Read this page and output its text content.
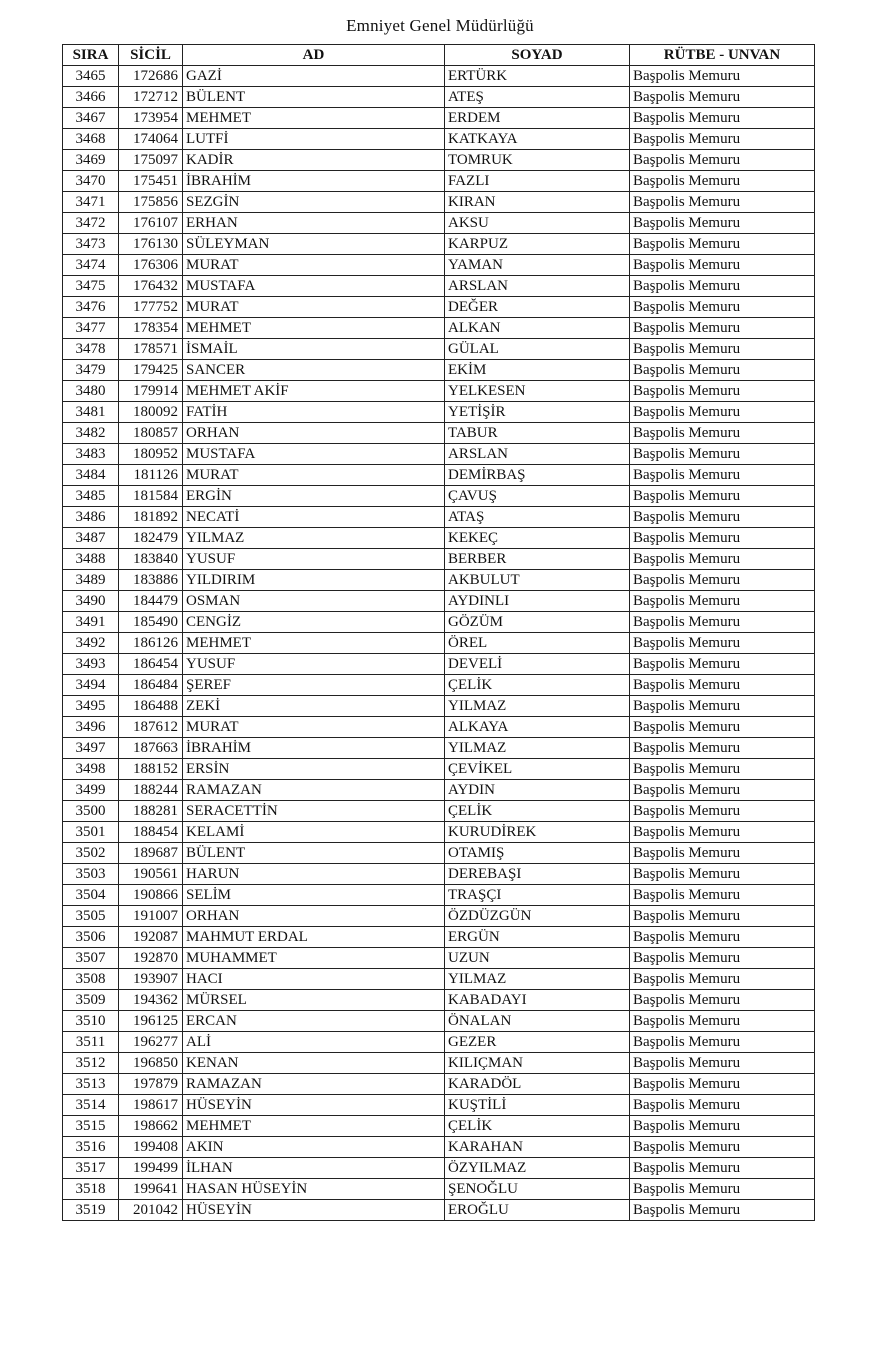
Emniyet Genel Müdürlüğü
SIRA	SİCİL	AD	SOYAD	RÜTBE - UNVAN
3465	172686	GAZİ	ERTÜRK	Başpolis Memuru
3466	172712	BÜLENT	ATEŞ	Başpolis Memuru
3467	173954	MEHMET	ERDEM	Başpolis Memuru
3468	174064	LUTFİ	KATKAYA	Başpolis Memuru
3469	175097	KADİR	TOMRUK	Başpolis Memuru
3470	175451	İBRAHİM	FAZLI	Başpolis Memuru
3471	175856	SEZGİN	KIRAN	Başpolis Memuru
3472	176107	ERHAN	AKSU	Başpolis Memuru
3473	176130	SÜLEYMAN	KARPUZ	Başpolis Memuru
3474	176306	MURAT	YAMAN	Başpolis Memuru
3475	176432	MUSTAFA	ARSLAN	Başpolis Memuru
3476	177752	MURAT	DEĞER	Başpolis Memuru
3477	178354	MEHMET	ALKAN	Başpolis Memuru
3478	178571	İSMAİL	GÜLAL	Başpolis Memuru
3479	179425	SANCER	EKİM	Başpolis Memuru
3480	179914	MEHMET AKİF	YELKESEN	Başpolis Memuru
3481	180092	FATİH	YETİŞİR	Başpolis Memuru
3482	180857	ORHAN	TABUR	Başpolis Memuru
3483	180952	MUSTAFA	ARSLAN	Başpolis Memuru
3484	181126	MURAT	DEMİRBAŞ	Başpolis Memuru
3485	181584	ERGİN	ÇAVUŞ	Başpolis Memuru
3486	181892	NECATİ	ATAŞ	Başpolis Memuru
3487	182479	YILMAZ	KEKEÇ	Başpolis Memuru
3488	183840	YUSUF	BERBER	Başpolis Memuru
3489	183886	YILDIRIM	AKBULUT	Başpolis Memuru
3490	184479	OSMAN	AYDINLI	Başpolis Memuru
3491	185490	CENGİZ	GÖZÜM	Başpolis Memuru
3492	186126	MEHMET	ÖREL	Başpolis Memuru
3493	186454	YUSUF	DEVELİ	Başpolis Memuru
3494	186484	ŞEREF	ÇELİK	Başpolis Memuru
3495	186488	ZEKİ	YILMAZ	Başpolis Memuru
3496	187612	MURAT	ALKAYA	Başpolis Memuru
3497	187663	İBRAHİM	YILMAZ	Başpolis Memuru
3498	188152	ERSİN	ÇEVİKEL	Başpolis Memuru
3499	188244	RAMAZAN	AYDIN	Başpolis Memuru
3500	188281	SERACETTİN	ÇELİK	Başpolis Memuru
3501	188454	KELAMİ	KURUDİREK	Başpolis Memuru
3502	189687	BÜLENT	OTAMIŞ	Başpolis Memuru
3503	190561	HARUN	DEREBAŞI	Başpolis Memuru
3504	190866	SELİM	TRAŞÇI	Başpolis Memuru
3505	191007	ORHAN	ÖZDÜZGÜN	Başpolis Memuru
3506	192087	MAHMUT ERDAL	ERGÜN	Başpolis Memuru
3507	192870	MUHAMMET	UZUN	Başpolis Memuru
3508	193907	HACI	YILMAZ	Başpolis Memuru
3509	194362	MÜRSEL	KABADAYI	Başpolis Memuru
3510	196125	ERCAN	ÖNALAN	Başpolis Memuru
3511	196277	ALİ	GEZER	Başpolis Memuru
3512	196850	KENAN	KILIÇMAN	Başpolis Memuru
3513	197879	RAMAZAN	KARADÖL	Başpolis Memuru
3514	198617	HÜSEYİN	KUŞTİLİ	Başpolis Memuru
3515	198662	MEHMET	ÇELİK	Başpolis Memuru
3516	199408	AKIN	KARAHAN	Başpolis Memuru
3517	199499	İLHAN	ÖZYILMAZ	Başpolis Memuru
3518	199641	HASAN HÜSEYİN	ŞENOĞLU	Başpolis Memuru
3519	201042	HÜSEYİN	EROĞLU	Başpolis Memuru
